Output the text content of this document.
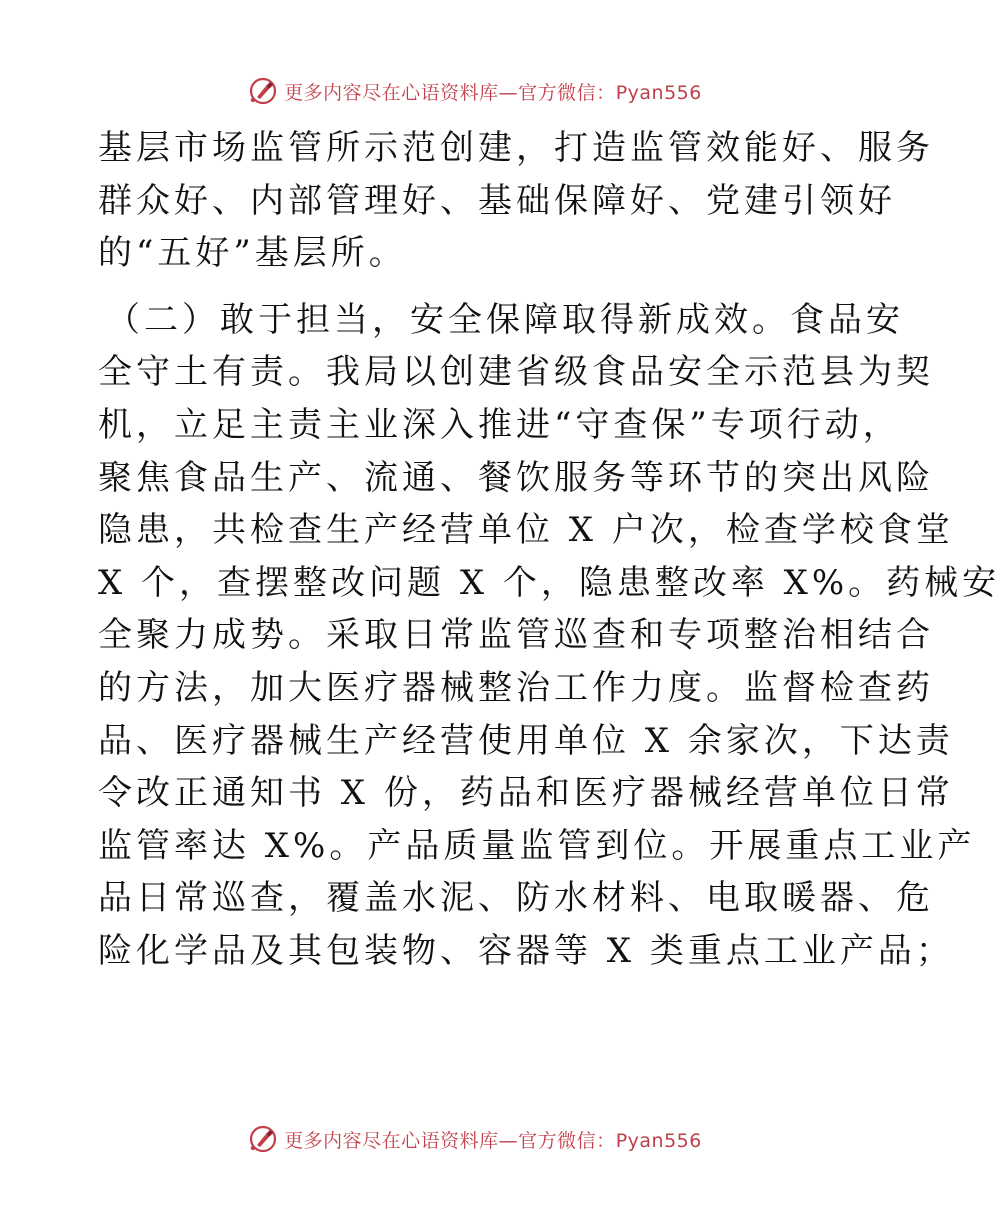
更多内容尽在心语资料库—官方微信：Pyan556
基层市场监管所示范创建，打造监管效能好、服务
群众好、内部管理好、基础保障好、党建引领好
的“五好”基层所。
（二）敢于担当，安全保障取得新成效。食品安
全守土有责。我局以创建省级食品安全示范县为契
机，立足主责主业深入推进“守查保”专项行动，
聚焦食品生产、流通、餐饮服务等环节的突出风险
隐患，共检查生产经营单位 X 户次，检查学校食堂
X 个，查摆整改问题 X 个，隐患整改率 X%。药械安
全聚力成势。采取日常监管巡查和专项整治相结合
的方法，加大医疗器械整治工作力度。监督检查药
品、医疗器械生产经营使用单位 X 余家次，下达责
令改正通知书 X 份，药品和医疗器械经营单位日常
监管率达 X%。产品质量监管到位。开展重点工业产
品日常巡查，覆盖水泥、防水材料、电取暖器、危
险化学品及其包装物、容器等 X 类重点工业产品；
更多内容尽在心语资料库—官方微信：Pyan556
